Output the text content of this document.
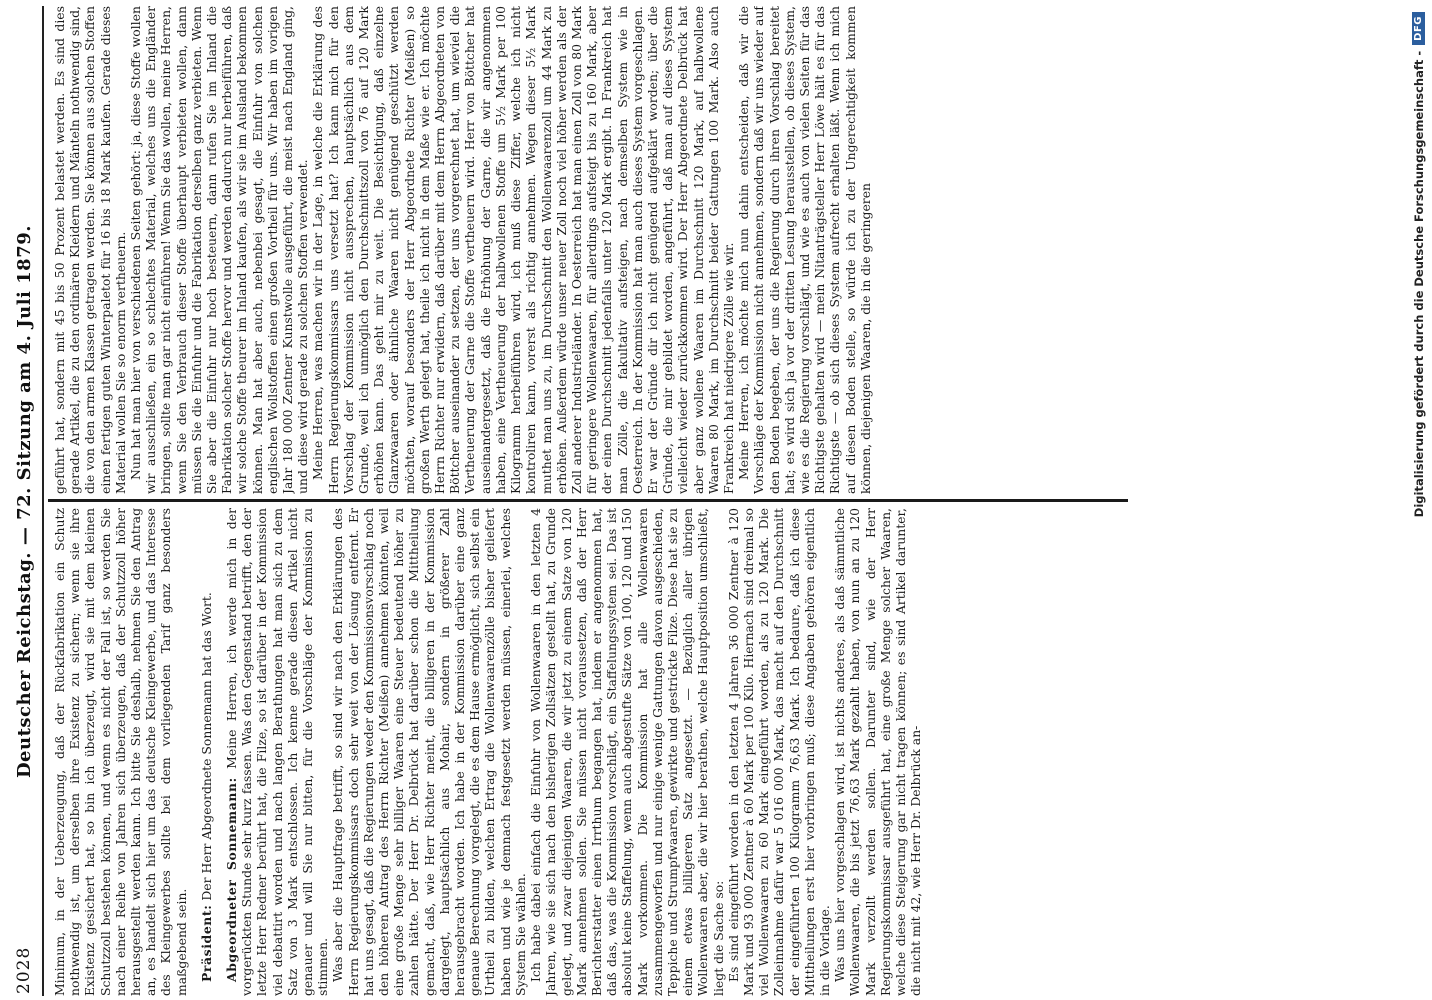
2028
Deutscher Reichstag. — 72. Sitzung am 4. Juli 1879. Minimum, in der Ueberzeugung, daß der Rückfabrikation ein Schutz nothwendig ist, um derselben ihre Existenz zu sichern; wenn sie ihre Existenz gesichert hat, so bin ich überzeugt, wird sie mit dem kleinen Schutzzoll bestehen können, und wenn es nicht der Fall ist, so werden Sie nach einer Reihe von Jahren sich überzeugen, daß der Schutzzoll höher herausgestellt werden kann. Ich bitte Sie deshalb, nehmen Sie den Antrag an, es handelt sich hier um das deutsche Kleingewerbe, und das Interesse des Kleingewerbes sollte bei dem vorliegenden Tarif ganz besonders maßgebend sein. Präsident: Der Herr Abgeordnete Sonnemann hat das Wort. Abgeordneter Sonnemann: Meine Herren, ich werde mich in der vorgerückten Stunde sehr kurz fassen. Was den Gegenstand betrifft, den der letzte Herr Redner berührt hat, die Filze, so ist darüber in der Kommission viel debattirt worden und nach langen Berathungen hat man sich zu dem Satz von 3 Mark entschlossen. Ich kenne gerade diesen Artikel nicht genauer und will Sie nur bitten, für die Vorschläge der Kommission zu stimmen. Was aber die Hauptfrage betrifft, so sind wir nach den Erklärungen des Herrn Regierungskommissars doch sehr weit von der Lösung entfernt. Er hat uns gesagt, daß die Regierungen weder den Kommissionsvorschlag noch den höheren Antrag des Herrn Richter (Meißen) annehmen könnten, weil eine große Menge sehr billiger Waaren eine Steuer bedeutend höher zu zahlen hätte. Der Herr Dr. Delbrück hat darüber schon die Mittheilung gemacht, daß, wie Herr Richter meint, die billigeren in der Kommission dargelegt, hauptsächlich aus Mohair, sondern in größerer Zahl herausgebracht worden. Ich habe in der Kommission darüber eine ganz genaue Berechnung vorgelegt, die es dem Hause ermöglicht, sich selbst ein Urtheil zu bilden, welchen Ertrag die Wollenwaarenzölle bisher geliefert haben und wie je demnach festgesetzt werden müssen, einerlei, welches System Sie wählen. Ich habe dabei einfach die Einfuhr von Wollenwaaren in den letzten 4 Jahren, wie sie sich nach den bisherigen Zollsätzen gestellt hat, zu Grunde gelegt, und zwar diejenigen Waaren, die wir jetzt zu einem Satze von 120 Mark annehmen sollen. Sie müssen nicht voraussetzen, daß der Herr Berichterstatter einen Irrthum begangen hat, indem er angenommen hat, daß das, was die Kommission vorschlägt, ein Staffelungssystem sei. Das ist absolut keine Staffelung, wenn auch abgestufte Sätze von 100, 120 und 150 Mark vorkommen. Die Kommission hat alle Wollenwaaren zusammengeworfen und nur einige wenige Gattungen davon ausgeschieden, Teppiche und Strumpfwaaren, gewirkte und gestrickte Filze. Diese hat sie zu einem etwas billigeren Satz angesetzt. — Bezüglich aller übrigen Wollenwaaren aber, die wir hier berathen, welche Hauptposition umschließt, liegt die Sache so: Es sind eingeführt worden in den letzten 4 Jahren 36 000 Zentner à 120 Mark und 93 000 Zentner à 60 Mark per 100 Kilo. Hiernach sind dreimal so viel Wollenwaaren zu 60 Mark eingeführt worden, als zu 120 Mark. Die Zolleinnahme dafür war 5 016 000 Mark, das macht auf den Durchschnitt der eingeführten 100 Kilogramm 76,63 Mark. Ich bedaure, daß ich diese Mittheilungen erst hier vorbringen muß; diese Angaben gehören eigentlich in die Vorlage. Was uns hier vorgeschlagen wird, ist nichts anderes, als daß sämmtliche Wollenwaaren, die bis jetzt 76,63 Mark gezahlt haben, von nun an zu 120 Mark verzollt werden sollen. Darunter sind, wie der Herr Regierungskommissar ausgeführt hat, eine große Menge solcher Waaren, welche diese Steigerung gar nicht tragen können; es sind Artikel darunter, die nicht mit 42, wie Herr Dr. Delbrück an-

geführt hat, sondern mit 45 bis 50 Prozent belastet werden. Es sind dies gerade Artikel, die zu den ordinären Kleidern und Mänteln nothwendig sind, die von den armen Klassen getragen werden. Sie können aus solchen Stoffen einen fertigen guten Winterpaletot für 16 bis 18 Mark kaufen. Gerade dieses Material wollen Sie so enorm vertheuern. Nun hat man hier von verschiedenen Seiten gehört: ja, diese Stoffe wollen wir ausschließen, ein so schlechtes Material, welches uns die Engländer bringen, sollte man gar nicht einführen! Wenn Sie das wollen, meine Herren, wenn Sie den Verbrauch dieser Stoffe überhaupt verbieten wollen, dann müssen Sie die Einfuhr und die Fabrikation derselben ganz verbieten. Wenn Sie aber die Einfuhr nur hoch besteuern, dann rufen Sie im Inland die Fabrikation solcher Stoffe hervor und werden dadurch nur herbeiführen, daß wir solche Stoffe theurer im Inland kaufen, als wir sie im Ausland bekommen können. Man hat aber auch, nebenbei gesagt, die Einfuhr von solchen englischen Wollstoffen einen großen Vortheil für uns. Wir haben im vorigen Jahr 180 000 Zentner Kunstwolle ausgeführt, die meist nach England ging, und diese wird gerade zu solchen Stoffen verwendet. Meine Herren, was machen wir in der Lage, in welche die Erklärung des Herrn Regierungskommissars uns versetzt hat? Ich kann mich für den Vorschlag der Kommission nicht aussprechen, hauptsächlich aus dem Grunde, weil ich unmöglich den Durchschnittszoll von 76 auf 120 Mark erhöhen kann. Das geht mir zu weit. Die Besichtigung, daß einzelne Glanzwaaren oder ähnliche Waaren nicht genügend geschützt werden möchten, worauf besonders der Herr Abgeordnete Richter (Meißen) so großen Werth gelegt hat, theile ich nicht in dem Maße wie er. Ich möchte Herrn Richter nur erwidern, daß darüber mit dem Herrn Abgeordneten von Böttcher auseinander zu setzen, der uns vorgerechnet hat, um wieviel die Vertheuerung der Garne die Stoffe vertheuern wird. Herr von Böttcher hat auseinandergesetzt, daß die Erhöhung der Garne, die wir angenommen haben, eine Vertheuerung der halbwollenen Stoffe um 5½ Mark per 100 Kilogramm herbeiführen wird, ich muß diese Ziffer, welche ich nicht kontroliren kann, vorerst als richtig annehmen. Wegen dieser 5½ Mark muthet man uns zu, im Durchschnitt den Wollenwaarenzoll um 44 Mark zu erhöhen. Außerdem würde unser neuer Zoll noch viel höher werden als der Zoll anderer Industrieländer. In Oesterreich hat man einen Zoll von 80 Mark für geringere Wollenwaaren, für allerdings aufsteigt bis zu 160 Mark, aber der einen Durchschnitt jedenfalls unter 120 Mark ergibt. In Frankreich hat man Zölle, die fakultativ aufsteigen, nach demselben System wie in Oesterreich. In der Kommission hat man auch dieses System vorgeschlagen. Er war der Gründe dir ich nicht genügend aufgeklärt worden; über die Gründe, die mir gebildet worden, angeführt, daß man auf dieses System vielleicht wieder zurückkommen wird. Der Herr Abgeordnete Delbrück hat aber ganz wollene Waaren im Durchschnitt 120 Mark, auf halbwollene Waaren 80 Mark, im Durchschnitt beider Gattungen 100 Mark. Also auch Frankreich hat niedrigere Zölle wie wir. Meine Herren, ich möchte mich nun dahin entscheiden, daß wir die Vorschläge der Kommission nicht annehmen, sondern daß wir uns wieder auf den Boden begeben, der uns die Regierung durch ihren Vorschlag bereitet hat; es wird sich ja vor der dritten Lesung herausstellen, ob dieses System, wie es die Regierung vorschlägt, und wie es auch von vielen Seiten für das Richtigste gehalten wird — mein Nitanträgsteller Herr Löwe hält es für das Richtigste — ob sich dieses System aufrecht erhalten läßt. Wenn ich mich auf diesen Boden stelle, so würde ich zu der Ungerechtigkeit kommen können, diejenigen Waaren, die in die geringeren	Digitalisierung gefördert durch die Deutsche Forschungsgemeinschaft -
DFG
